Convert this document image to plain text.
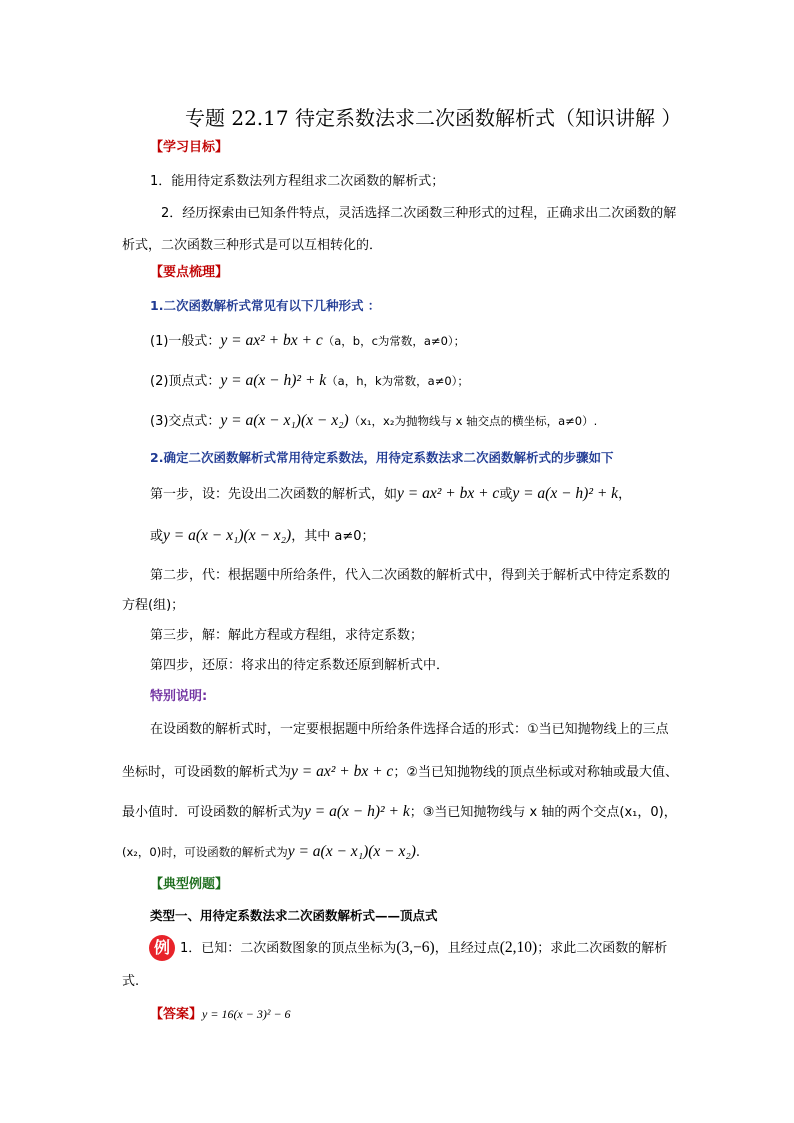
专题 22.17 待定系数法求二次函数解析式（知识讲解 ）
【学习目标】
1．能用待定系数法列方程组求二次函数的解析式；
2．经历探索由已知条件特点，灵活选择二次函数三种形式的过程，正确求出二次函数的解
析式，二次函数三种形式是可以互相转化的．
【要点梳理】
1.二次函数解析式常见有以下几种形式 ：
(1)一般式：y = ax² + bx + c（a，b，c为常数，a≠0）；
(2)顶点式：y = a(x − h)² + k（a，h，k为常数，a≠0）；
(3)交点式：y = a(x − x₁)(x − x₂)（x₁，x₂为抛物线与 x 轴交点的横坐标，a≠0）.
2.确定二次函数解析式常用待定系数法，用待定系数法求二次函数解析式的步骤如下
第一步，设：先设出二次函数的解析式，如y = ax² + bx + c或y = a(x − h)² + k，
或y = a(x − x₁)(x − x₂)，其中 a≠0；
第二步，代：根据题中所给条件，代入二次函数的解析式中，得到关于解析式中待定系数的
方程(组)；
第三步，解：解此方程或方程组，求待定系数；
第四步，还原：将求出的待定系数还原到解析式中．
特别说明:
在设函数的解析式时，一定要根据题中所给条件选择合适的形式：①当已知抛物线上的三点
坐标时，可设函数的解析式为y = ax² + bx + c；②当已知抛物线的顶点坐标或对称轴或最大值、
最小值时．可设函数的解析式为y = a(x − h)² + k；③当已知抛物线与 x 轴的两个交点(x₁，0)，
(x₂，0)时，可设函数的解析式为y = a(x − x₁)(x − x₂).
【典型例题】
类型一、用待定系数法求二次函数解析式——顶点式
例 1．已知：二次函数图象的顶点坐标为(3,−6)，且经过点(2,10)；求此二次函数的解析
式.
【答案】y = 16(x − 3)² − 6
